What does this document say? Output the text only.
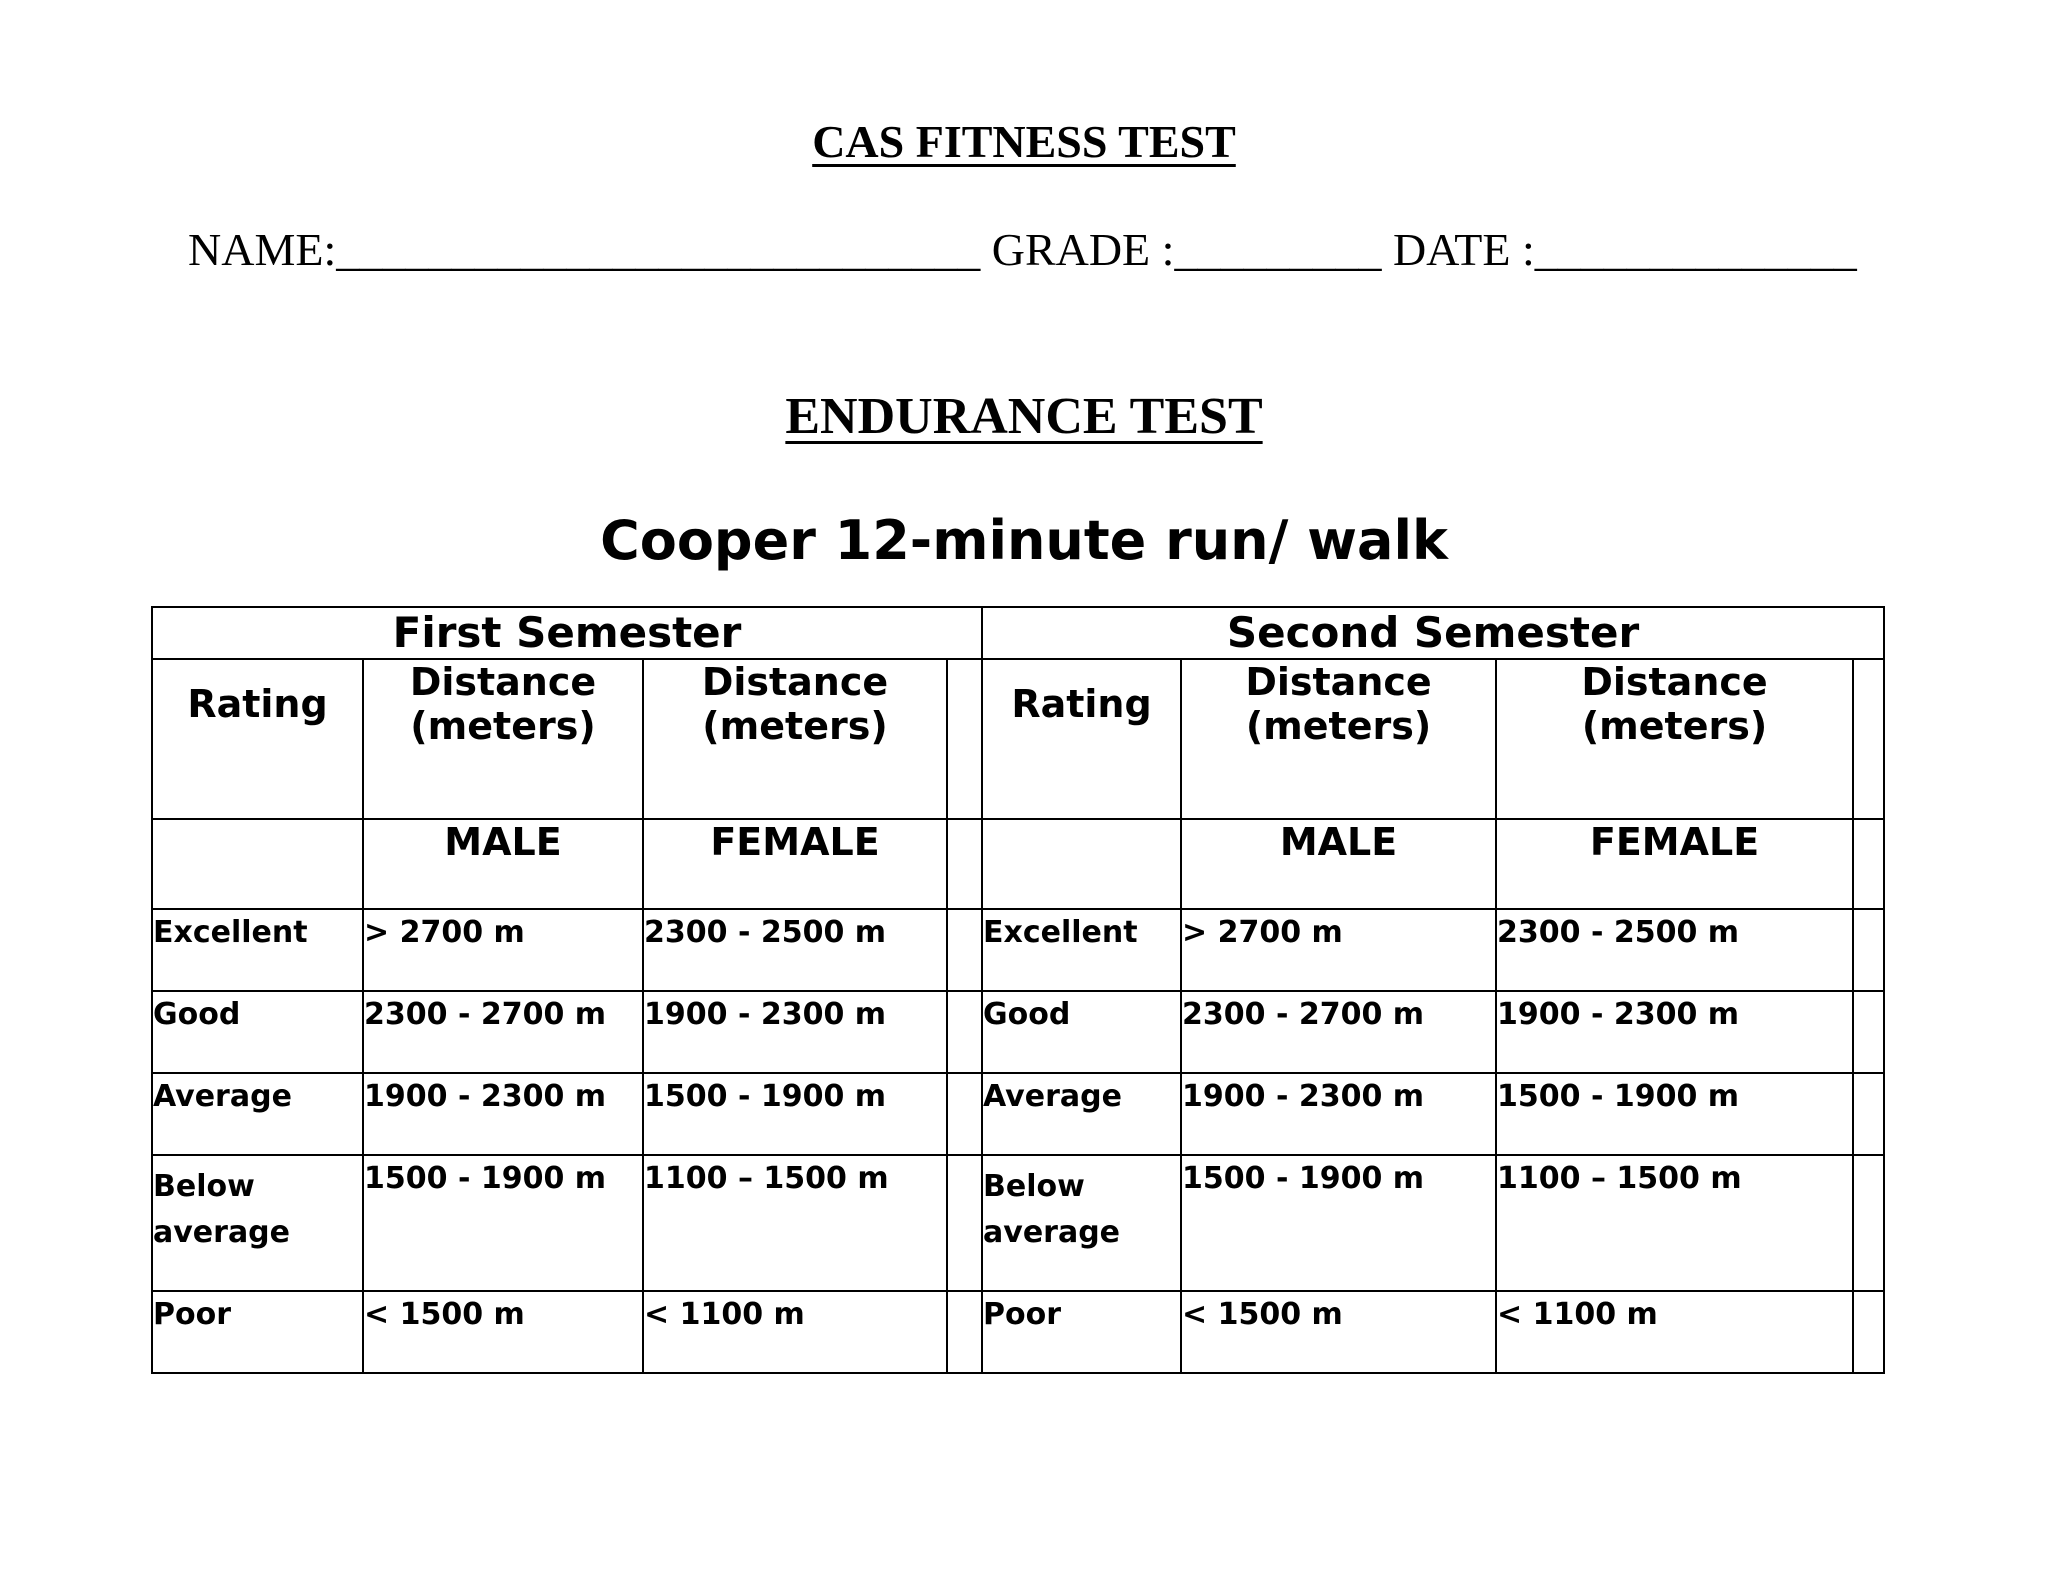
CAS FITNESS TEST
NAME:____________________________ GRADE :_________ DATE :______________
ENDURANCE TEST
Cooper 12-minute run/ walk
First Semester				Second Semester			
Rating	Distance (meters)	Distance (meters)		Rating	Distance (meters)	Distance (meters)	
	MALE	FEMALE			MALE	FEMALE	
Excellent	> 2700 m	2300 - 2500 m		Excellent	> 2700 m	2300 - 2500 m	
Good	2300 - 2700 m	1900 - 2300 m		Good	2300 - 2700 m	1900 - 2300 m	
Average	1900 - 2300 m	1500 - 1900 m		Average	1900 - 2300 m	1500 - 1900 m	
Below average	1500 - 1900 m	1100 – 1500 m		Below average	1500 - 1900 m	1100 – 1500 m	
Poor	< 1500 m	< 1100 m		Poor	< 1500 m	< 1100 m	
